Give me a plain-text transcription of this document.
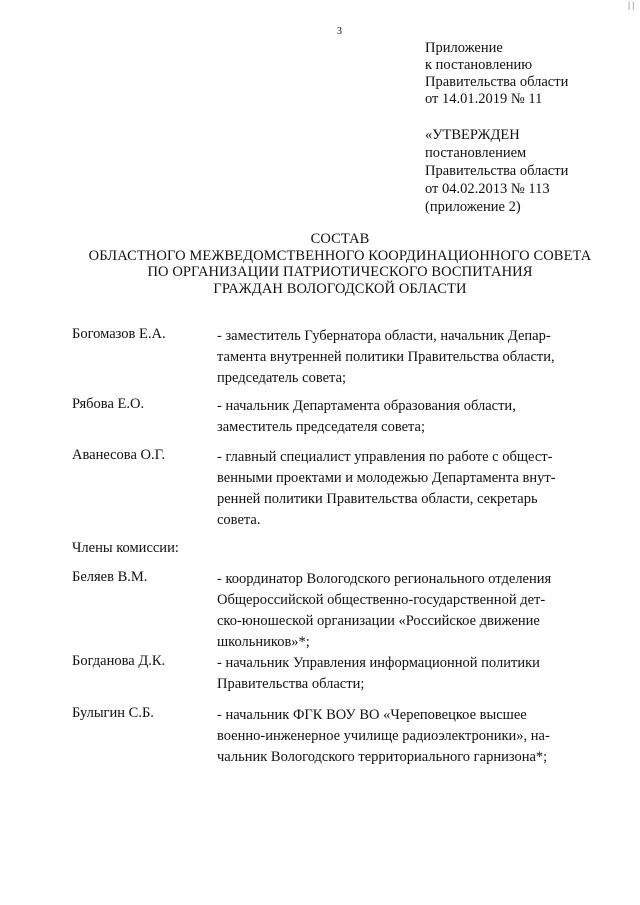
3
| |
Приложение
к постановлению
Правительства области
от 14.01.2019 № 11
«УТВЕРЖДЕН
постановлением
Правительства области
от 04.02.2013 № 113
(приложение 2)
СОСТАВ
ОБЛАСТНОГО МЕЖВЕДОМСТВЕННОГО КООРДИНАЦИОННОГО СОВЕТА
ПО ОРГАНИЗАЦИИ ПАТРИОТИЧЕСКОГО ВОСПИТАНИЯ
ГРАЖДАН ВОЛОГОДСКОЙ ОБЛАСТИ
Богомазов Е.А.	- заместитель Губернатора области, начальник Депар-
тамента внутренней политики Правительства области,
председатель совета;
Рябова Е.О.	- начальник Департамента образования области,
заместитель председателя совета;
Аванесова О.Г.	- главный специалист управления по работе с общест-
венными проектами и молодежью Департамента внут-
ренней политики Правительства области, секретарь
совета.
Члены комиссии:
Беляев В.М.	- координатор Вологодского регионального отделения
Общероссийской общественно-государственной дет-
ско-юношеской организации «Российское движение
школьников»*;
Богданова Д.К.	- начальник Управления информационной политики
Правительства области;
Булыгин С.Б.	- начальник ФГК ВОУ ВО «Череповецкое высшее
военно-инженерное училище радиоэлектроники», на-
чальник Вологодского территориального гарнизона*;
